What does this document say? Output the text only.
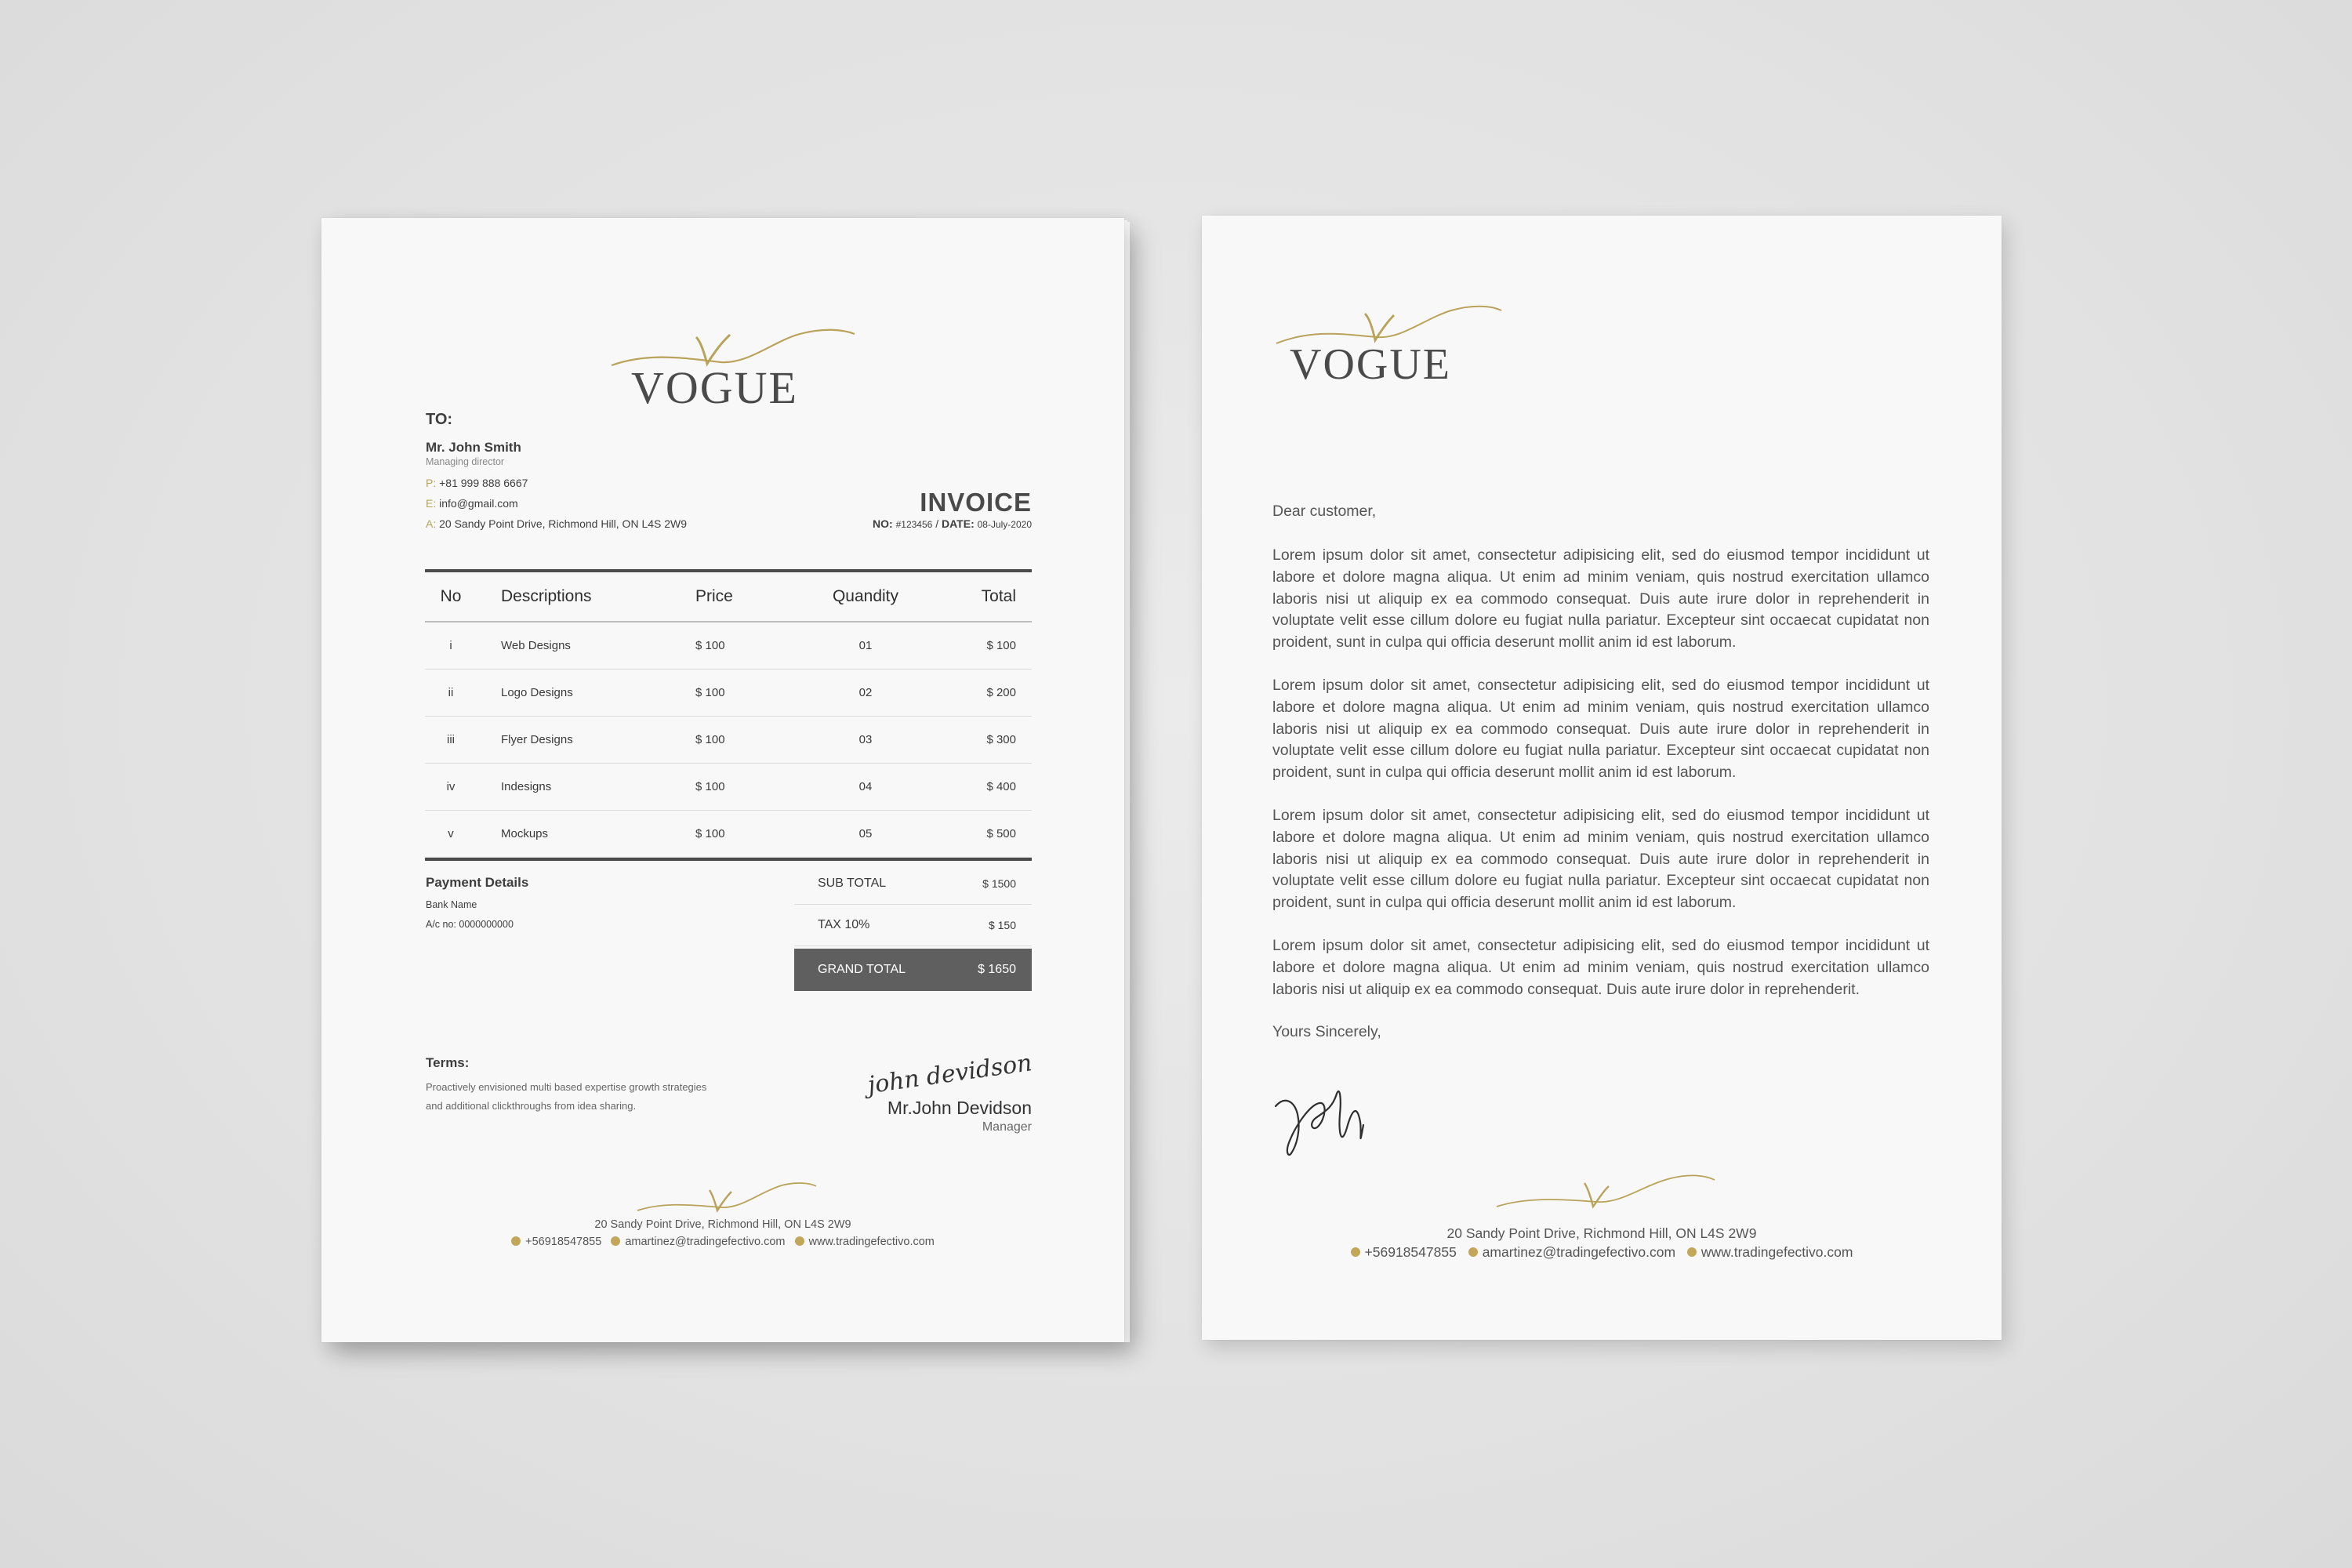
VOGUE
TO:
Mr. John Smith
Managing director
P: +81 999 888 6667
E: info@gmail.com
A: 20 Sandy Point Drive, Richmond Hill, ON L4S 2W9
INVOICE
NO: #123456 / DATE: 08-July-2020
No	Descriptions	Price	Quandity	Total
i	Web Designs	$ 100	01	$ 100
ii	Logo Designs	$ 100	02	$ 200
iii	Flyer Designs	$ 100	03	$ 300
iv	Indesigns	$ 100	04	$ 400
v	Mockups	$ 100	05	$ 500
Payment Details
Bank Name
A/c no: 0000000000
SUB TOTAL	$ 1500
TAX 10%	$ 150
GRAND TOTAL	$ 1650
Terms:
Proactively envisioned multi based expertise growth strategies
and additional clickthroughs from idea sharing.
john devidson
Mr.John Devidson
Manager
20 Sandy Point Drive, Richmond Hill, ON L4S 2W9
+56918547855 amartinez@tradingefectivo.com www.tradingefectivo.com
VOGUE
Dear customer,
Lorem ipsum dolor sit amet, consectetur adipisicing elit, sed do eiusmod tempor incididunt ut labore et dolore magna aliqua. Ut enim ad minim veniam, quis nostrud exercitation ullamco laboris nisi ut aliquip ex ea commodo consequat. Duis aute irure dolor in reprehenderit in voluptate velit esse cillum dolore eu fugiat nulla pariatur. Excepteur sint occaecat cupidatat non proident, sunt in culpa qui officia deserunt mollit anim id est laborum.
Lorem ipsum dolor sit amet, consectetur adipisicing elit, sed do eiusmod tempor incididunt ut labore et dolore magna aliqua. Ut enim ad minim veniam, quis nostrud exercitation ullamco laboris nisi ut aliquip ex ea commodo consequat. Duis aute irure dolor in reprehenderit in voluptate velit esse cillum dolore eu fugiat nulla pariatur. Excepteur sint occaecat cupidatat non proident, sunt in culpa qui officia deserunt mollit anim id est laborum.
Lorem ipsum dolor sit amet, consectetur adipisicing elit, sed do eiusmod tempor incididunt ut labore et dolore magna aliqua. Ut enim ad minim veniam, quis nostrud exercitation ullamco laboris nisi ut aliquip ex ea commodo consequat. Duis aute irure dolor in reprehenderit in voluptate velit esse cillum dolore eu fugiat nulla pariatur. Excepteur sint occaecat cupidatat non proident, sunt in culpa qui officia deserunt mollit anim id est laborum.
Lorem ipsum dolor sit amet, consectetur adipisicing elit, sed do eiusmod tempor incididunt ut labore et dolore magna aliqua. Ut enim ad minim veniam, quis nostrud exercitation ullamco laboris nisi ut aliquip ex ea commodo consequat. Duis aute irure dolor in reprehenderit.
Yours Sincerely,
20 Sandy Point Drive, Richmond Hill, ON L4S 2W9
+56918547855 amartinez@tradingefectivo.com www.tradingefectivo.com
